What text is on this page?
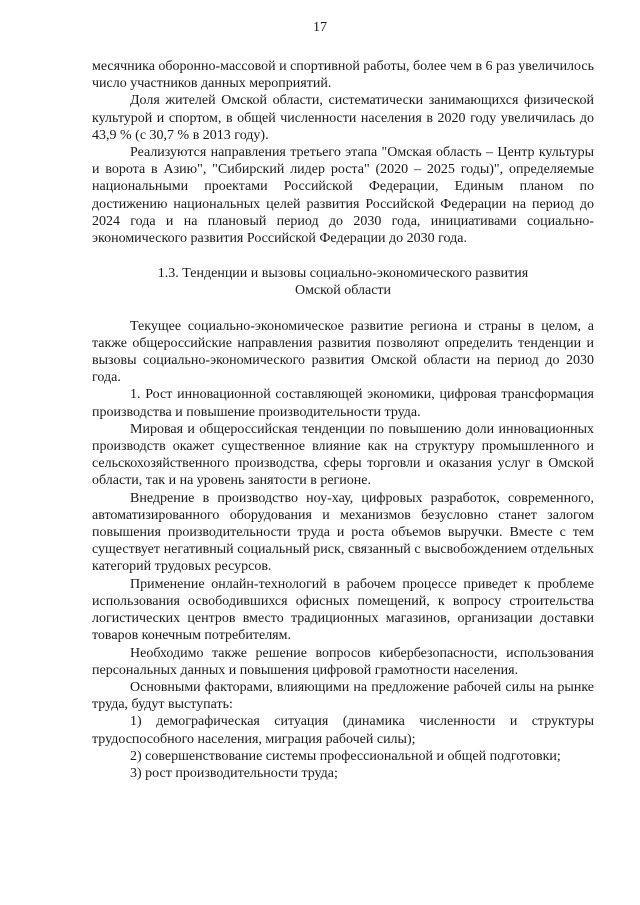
17

месячника оборонно-массовой и спортивной работы, более чем в 6 раз увеличилось число участников данных мероприятий.

Доля жителей Омской области, систематически занимающихся физической культурой и спортом, в общей численности населения в 2020 году увеличилась до 43,9 % (с 30,7 % в 2013 году).

Реализуются направления третьего этапа "Омская область – Центр культуры и ворота в Азию", "Сибирский лидер роста" (2020 – 2025 годы)", определяемые национальными проектами Российской Федерации, Единым планом по достижению национальных целей развития Российской Федерации на период до 2024 года и на плановый период до 2030 года, инициативами социально-экономического развития Российской Федерации до 2030 года.

1.3. Тенденции и вызовы социально-экономического развития
Омской области

Текущее социально-экономическое развитие региона и страны в целом, а также общероссийские направления развития позволяют определить тенденции и вызовы социально-экономического развития Омской области на период до 2030 года.

1. Рост инновационной составляющей экономики, цифровая трансформация производства и повышение производительности труда.

Мировая и общероссийская тенденции по повышению доли инновационных производств окажет существенное влияние как на структуру промышленного и сельскохозяйственного производства, сферы торговли и оказания услуг в Омской области, так и на уровень занятости в регионе.

Внедрение в производство ноу-хау, цифровых разработок, современного, автоматизированного оборудования и механизмов безусловно станет залогом повышения производительности труда и роста объемов выручки. Вместе с тем существует негативный социальный риск, связанный с высвобождением отдельных категорий трудовых ресурсов.

Применение онлайн-технологий в рабочем процессе приведет к проблеме использования освободившихся офисных помещений, к вопросу строительства логистических центров вместо традиционных магазинов, организации доставки товаров конечным потребителям.

Необходимо также решение вопросов кибербезопасности, использования персональных данных и повышения цифровой грамотности населения.

Основными факторами, влияющими на предложение рабочей силы на рынке труда, будут выступать:

1) демографическая ситуация (динамика численности и структуры трудоспособного населения, миграция рабочей силы);

2) совершенствование системы профессиональной и общей подготовки;

3) рост производительности труда;
